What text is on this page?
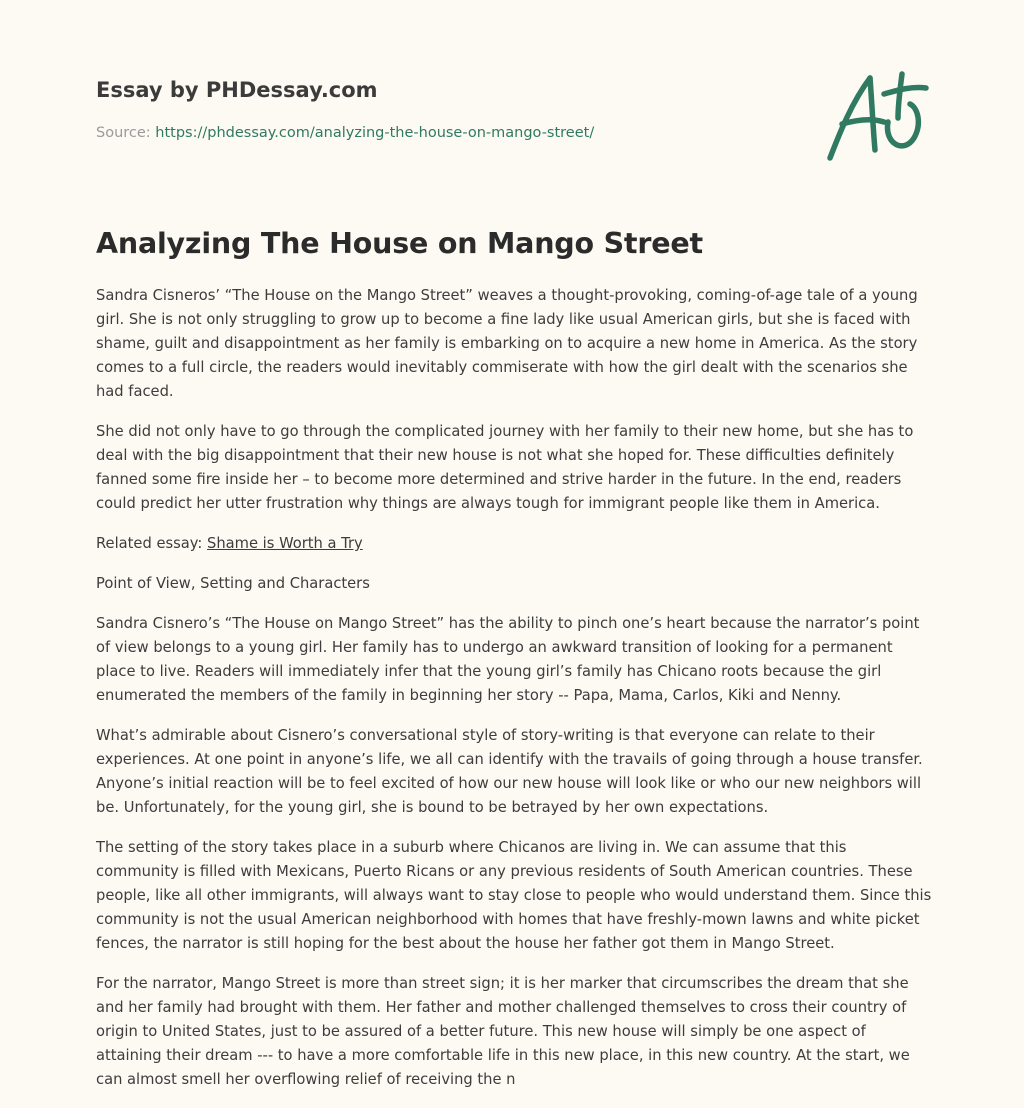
Essay by PHDessay.com
Source: https://phdessay.com/analyzing-the-house-on-mango-street/
Analyzing The House on Mango Street

Sandra Cisneros’ “The House on the Mango Street” weaves a thought-provoking, coming-of-age tale of a young girl. She is not only struggling to grow up to become a fine lady like usual American girls, but she is faced with shame, guilt and disappointment as her family is embarking on to acquire a new home in America. As the story comes to a full circle, the readers would inevitably commiserate with how the girl dealt with the scenarios she had faced.

She did not only have to go through the complicated journey with her family to their new home, but she has to deal with the big disappointment that their new house is not what she hoped for. These difficulties definitely fanned some fire inside her – to become more determined and strive harder in the future. In the end, readers could predict her utter frustration why things are always tough for immigrant people like them in America.

Related essay: Shame is Worth a Try

Point of View, Setting and Characters

Sandra Cisnero’s “The House on Mango Street” has the ability to pinch one’s heart because the narrator’s point of view belongs to a young girl. Her family has to undergo an awkward transition of looking for a permanent place to live. Readers will immediately infer that the young girl’s family has Chicano roots because the girl enumerated the members of the family in beginning her story -- Papa, Mama, Carlos, Kiki and Nenny.

What’s admirable about Cisnero’s conversational style of story-writing is that everyone can relate to their experiences. At one point in anyone’s life, we all can identify with the travails of going through a house transfer. Anyone’s initial reaction will be to feel excited of how our new house will look like or who our new neighbors will be. Unfortunately, for the young girl, she is bound to be betrayed by her own expectations.

The setting of the story takes place in a suburb where Chicanos are living in. We can assume that this community is filled with Mexicans, Puerto Ricans or any previous residents of South American countries. These people, like all other immigrants, will always want to stay close to people who would understand them. Since this community is not the usual American neighborhood with homes that have freshly-mown lawns and white picket fences, the narrator is still hoping for the best about the house her father got them in Mango Street.

For the narrator, Mango Street is more than street sign; it is her marker that circumscribes the dream that she and her family had brought with them. Her father and mother challenged themselves to cross their country of origin to United States, just to be assured of a better future. This new house will simply be one aspect of attaining their dream --- to have a more comfortable life in this new place, in this new country. At the start, we can almost smell her overflowing relief of receiving the n
